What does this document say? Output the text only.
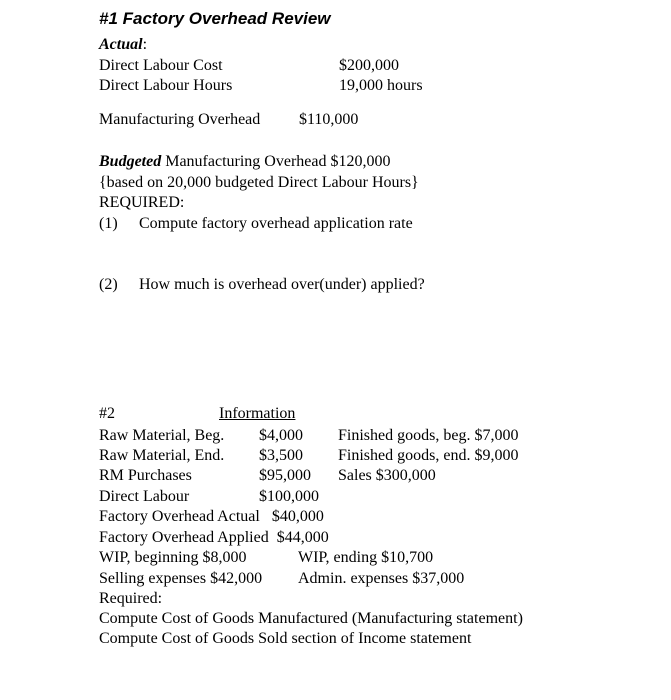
#1 Factory Overhead Review
Actual:
Direct Labour Cost	$200,000
Direct Labour Hours	19,000 hours
Manufacturing Overhead $110,000
Budgeted Manufacturing Overhead $120,000
{based on 20,000 budgeted Direct Labour Hours}
REQUIRED:
(1) Compute factory overhead application rate
(2) How much is overhead over(under) applied?
#2	Information
Raw Material, Beg. $4,000 Finished goods, beg. $7,000
Raw Material, End. $3,500 Finished goods, end. $9,000
RM Purchases	$95,000 Sales $300,000
Direct Labour	$100,000
Factory Overhead Actual   $40,000
Factory Overhead Applied  $44,000
WIP, beginning $8,000	WIP, ending $10,700
Selling expenses $42,000 Admin. expenses $37,000
Required:
Compute Cost of Goods Manufactured (Manufacturing statement)
Compute Cost of Goods Sold section of Income statement
